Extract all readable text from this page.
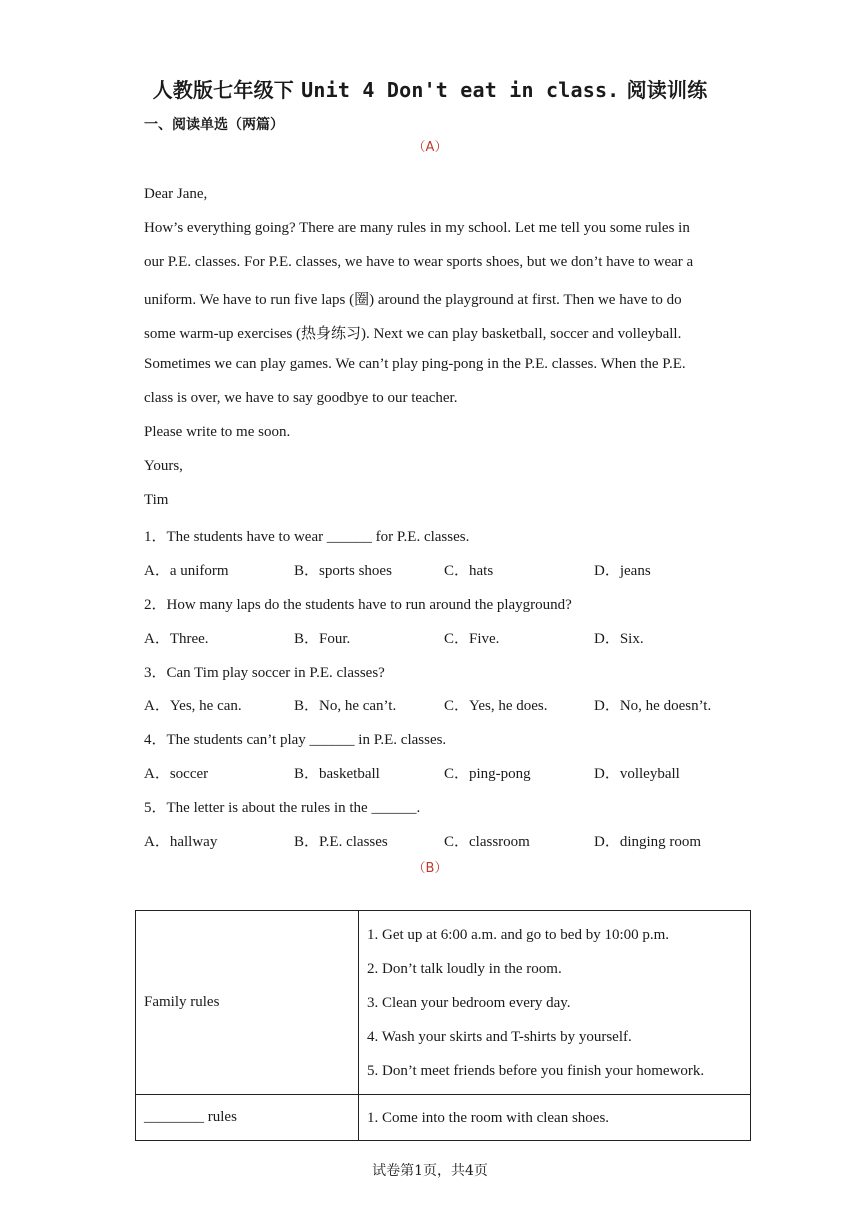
人教版七年级下 Unit 4 Don't eat in class. 阅读训练
一、阅读单选（两篇）
（A）
Dear Jane,
How’s everything going? There are many rules in my school. Let me tell you some rules in
our P.E. classes. For P.E. classes, we have to wear sports shoes, but we don’t have to wear a
uniform. We have to run five laps (圈) around the playground at first. Then we have to do
some warm-up exercises (热身练习). Next we can play basketball, soccer and volleyball.
Sometimes we can play games. We can’t play ping-pong in the P.E. classes. When the P.E.
class is over, we have to say goodbye to our teacher.
Please write to me soon.
Yours,
Tim
1．The students have to wear ______ for P.E. classes.
A．a uniform	B．sports shoes	C．hats	D．jeans
2．How many laps do the students have to run around the playground?
A．Three.	B．Four.	C．Five.	D．Six.
3．Can Tim play soccer in P.E. classes?
A．Yes, he can.	B．No, he can’t.	C．Yes, he does.	D．No, he doesn’t.
4．The students can’t play ______ in P.E. classes.
A．soccer	B．basketball	C．ping-pong	D．volleyball
5．The letter is about the rules in the ______.
A．hallway	B．P.E. classes	C．classroom	D．dinging room
（B）
Family rules	1. Get up at 6:00 a.m. and go to bed by 10:00 p.m.
2. Don’t talk loudly in the room.
3. Clean your bedroom every day.
4. Wash your skirts and T-shirts by yourself.
5. Don’t meet friends before you finish your homework.

________ rules	1. Come into the room with clean shoes.
试卷第1页，共4页
